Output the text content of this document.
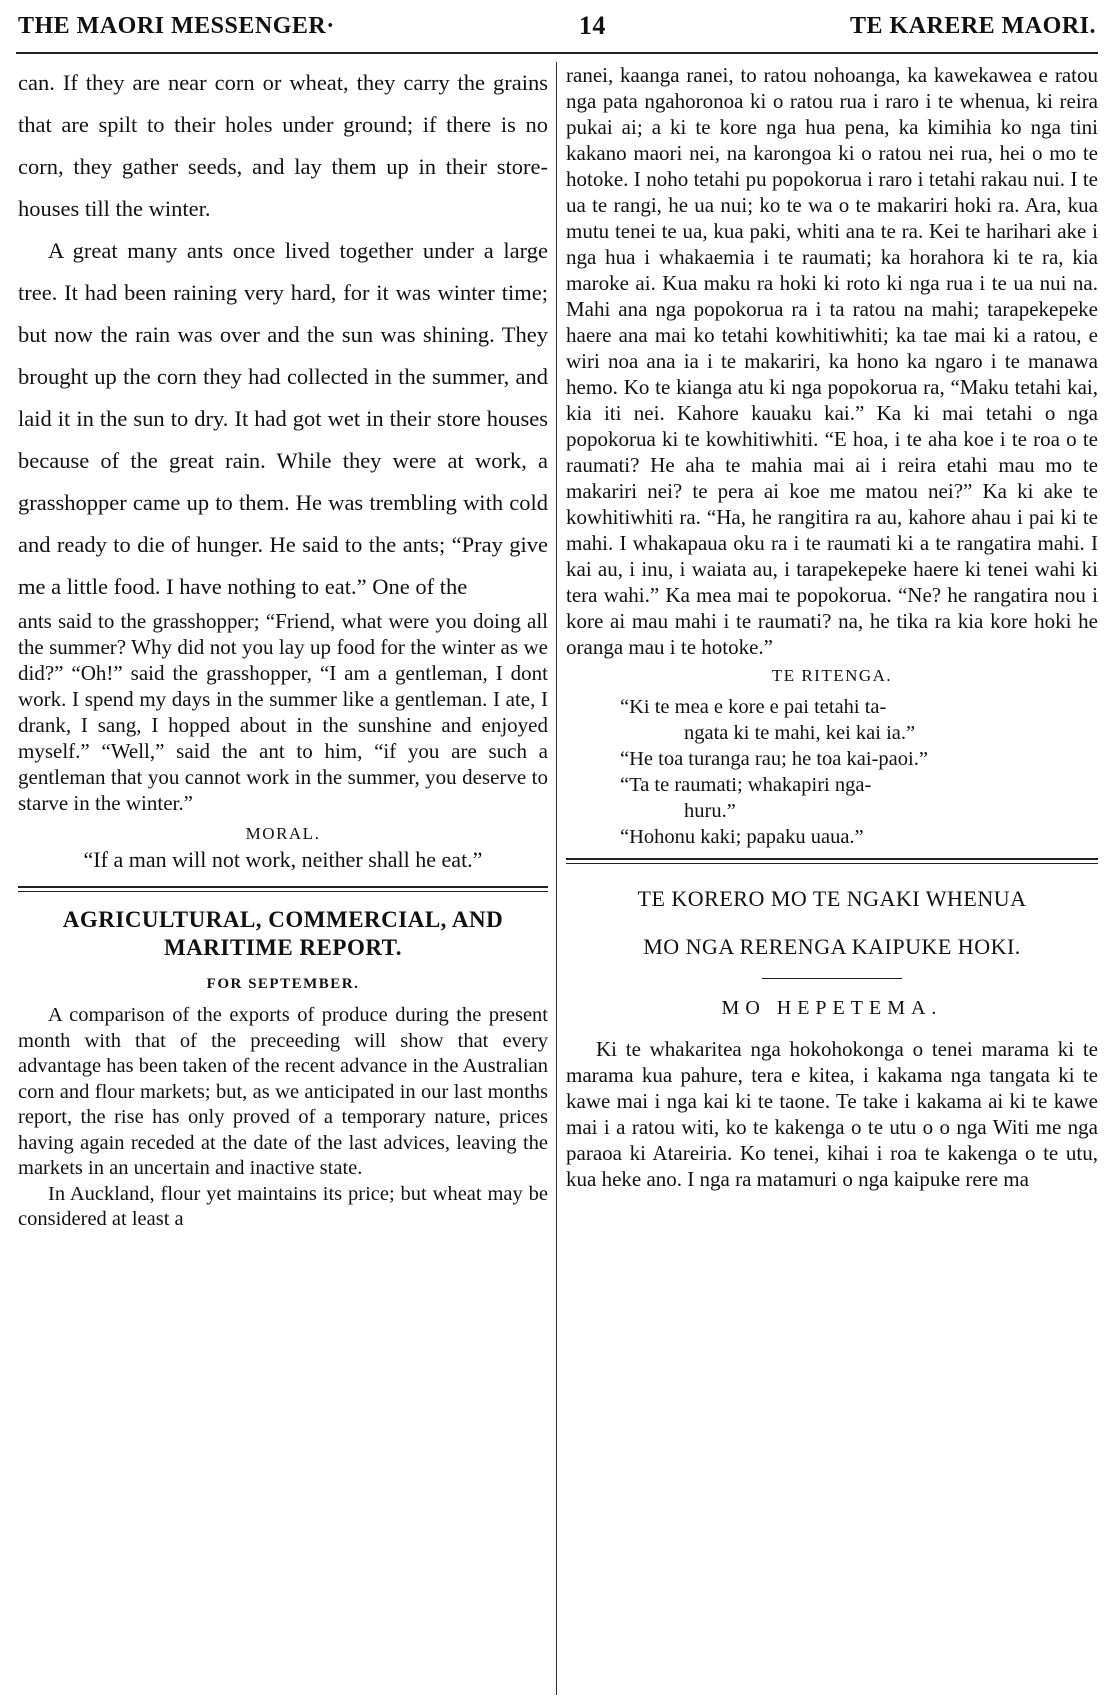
THE MAORI MESSENGER·	14	TE KARERE MAORI.

can. If they are near corn or wheat, they carry the grains that are spilt to their holes under ground; if there is no corn, they gather seeds, and lay them up in their store-houses till the winter.

A great many ants once lived together under a large tree. It had been raining very hard, for it was winter time; but now the rain was over and the sun was shining. They brought up the corn they had collected in the summer, and laid it in the sun to dry. It had got wet in their store houses because of the great rain. While they were at work, a grasshopper came up to them. He was trembling with cold and ready to die of hunger. He said to the ants; “Pray give me a little food. I have nothing to eat.” One of the

ants said to the grasshopper; “Friend, what were you doing all the summer? Why did not you lay up food for the winter as we did?” “Oh!” said the grasshopper, “I am a gentleman, I dont work. I spend my days in the summer like a gentleman. I ate, I drank, I sang, I hopped about in the sunshine and enjoyed myself.” “Well,” said the ant to him, “if you are such a gentleman that you cannot work in the summer, you deserve to starve in the winter.”

MORAL.
“If a man will not work, neither shall he eat.”
AGRICULTURAL, COMMERCIAL, AND MARITIME REPORT.
FOR SEPTEMBER.

A comparison of the exports of produce during the present month with that of the preceeding will show that every advantage has been taken of the recent advance in the Australian corn and flour markets; but, as we anticipated in our last months report, the rise has only proved of a temporary nature, prices having again receded at the date of the last advices, leaving the markets in an uncertain and inactive state.

In Auckland, flour yet maintains its price; but wheat may be considered at least a

ranei, kaanga ranei, to ratou nohoanga, ka kawekawea e ratou nga pata ngahoronoa ki o ratou rua i raro i te whenua, ki reira pukai ai; a ki te kore nga hua pena, ka kimihia ko nga tini kakano maori nei, na karongoa ki o ratou nei rua, hei o mo te hotoke. I noho tetahi pu popokorua i raro i tetahi rakau nui. I te ua te rangi, he ua nui; ko te wa o te makariri hoki ra. Ara, kua mutu tenei te ua, kua paki, whiti ana te ra. Kei te harihari ake i nga hua i whakaemia i te raumati; ka horahora ki te ra, kia maroke ai. Kua maku ra hoki ki roto ki nga rua i te ua nui na. Mahi ana nga popokorua ra i ta ratou na mahi; tarapekepeke haere ana mai ko tetahi kowhitiwhiti; ka tae mai ki a ratou, e wiri noa ana ia i te makariri, ka hono ka ngaro i te manawa hemo. Ko te kianga atu ki nga popokorua ra, “Maku tetahi kai, kia iti nei. Kahore kauaku kai.” Ka ki mai tetahi o nga popokorua ki te kowhitiwhiti. “E hoa, i te aha koe i te roa o te raumati? He aha te mahia mai ai i reira etahi mau mo te makariri nei? te pera ai koe me matou nei?” Ka ki ake te kowhitiwhiti ra. “Ha, he rangitira ra au, kahore ahau i pai ki te mahi. I whakapaua oku ra i te raumati ki a te rangatira mahi. I kai au, i inu, i waiata au, i tarapekepeke haere ki tenei wahi ki tera wahi.” Ka mea mai te popokorua. “Ne? he rangatira nou i kore ai mau mahi i te raumati? na, he tika ra kia kore hoki he oranga mau i te hotoke.”

TE RITENGA.
“Ki te mea e kore e pai tetahi ta-
ngata ki te mahi, kei kai ia.”
“He toa turanga rau; he toa kai-paoi.”
“Ta te raumati; whakapiri nga-
huru.”
“Hohonu kaki; papaku uaua.”
TE KORERO MO TE NGAKI WHENUA
MO NGA RERENGA KAIPUKE HOKI.
MO HEPETEMA.

Ki te whakaritea nga hokohokonga o tenei marama ki te marama kua pahure, tera e kitea, i kakama nga tangata ki te kawe mai i nga kai ki te taone. Te take i kakama ai ki te kawe mai i a ratou witi, ko te kakenga o te utu o o nga Witi me nga paraoa ki Atareiria. Ko tenei, kihai i roa te kakenga o te utu, kua heke ano. I nga ra matamuri o nga kaipuke rere ma
